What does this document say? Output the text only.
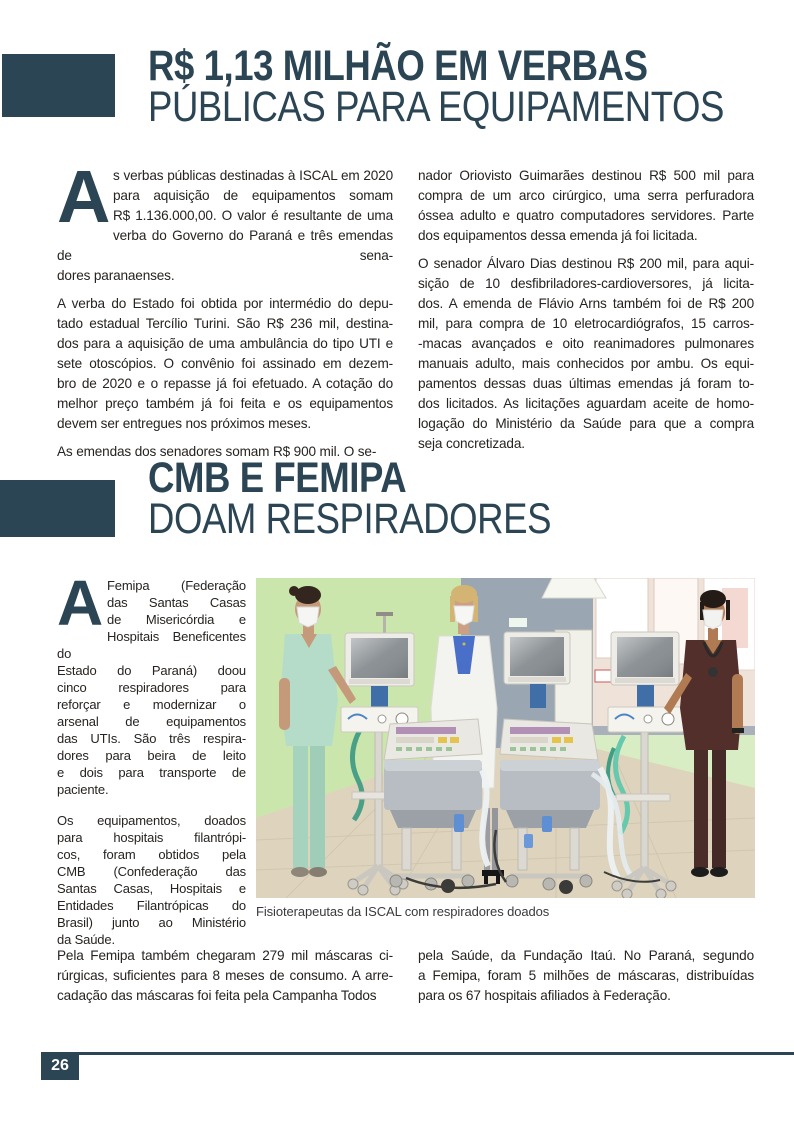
R$ 1,13 MILHÃO EM VERBAS
PÚBLICAS PARA EQUIPAMENTOS
A s verbas públicas destinadas à ISCAL em 2020
para aquisição de equipamentos somam
R$ 1.136.000,00. O valor é resultante de uma
verba do Governo do Paraná e três emendas de sena-
dores paranaenses.
A verba do Estado foi obtida por intermédio do depu-
tado estadual Tercílio Turini. São R$ 236 mil, destina-
dos para a aquisição de uma ambulância do tipo UTI e
sete otoscópios. O convênio foi assinado em dezem-
bro de 2020 e o repasse já foi efetuado. A cotação do
melhor preço também já foi feita e os equipamentos
devem ser entregues nos próximos meses.
As emendas dos senadores somam R$ 900 mil. O se-
nador Oriovisto Guimarães destinou R$ 500 mil para
compra de um arco cirúrgico, uma serra perfuradora
óssea adulto e quatro computadores servidores. Parte
dos equipamentos dessa emenda já foi licitada.
O senador Álvaro Dias destinou R$ 200 mil, para aqui-
sição de 10 desfibriladores-cardioversores, já licita-
dos. A emenda de Flávio Arns também foi de R$ 200
mil, para compra de 10 eletrocardiógrafos, 15 carros-
-macas avançados e oito reanimadores pulmonares
manuais adulto, mais conhecidos por ambu. Os equi-
pamentos dessas duas últimas emendas já foram to-
dos licitados. As licitações aguardam aceite de homo-
logação do Ministério da Saúde para que a compra
seja concretizada.
CMB E FEMIPA
DOAM RESPIRADORES
A Femipa (Federação
das Santas Casas
de Misericórdia e
Hospitais Beneficentes do
Estado do Paraná) doou
cinco respiradores para
reforçar e modernizar o
arsenal de equipamentos
das UTIs. São três respira-
dores para beira de leito
e dois para transporte de
paciente.
Os equipamentos, doados
para hospitais filantrópi-
cos, foram obtidos pela
CMB (Confederação das
Santas Casas, Hospitais e
Entidades Filantrópicas do
Brasil) junto ao Ministério
da Saúde.
Fisioterapeutas da ISCAL com respiradores doados
Pela Femipa também chegaram 279 mil máscaras ci-
rúrgicas, suficientes para 8 meses de consumo. A arre-
cadação das máscaras foi feita pela Campanha Todos
pela Saúde, da Fundação Itaú. No Paraná, segundo
a Femipa, foram 5 milhões de máscaras, distribuídas
para os 67 hospitais afiliados à Federação.
26
